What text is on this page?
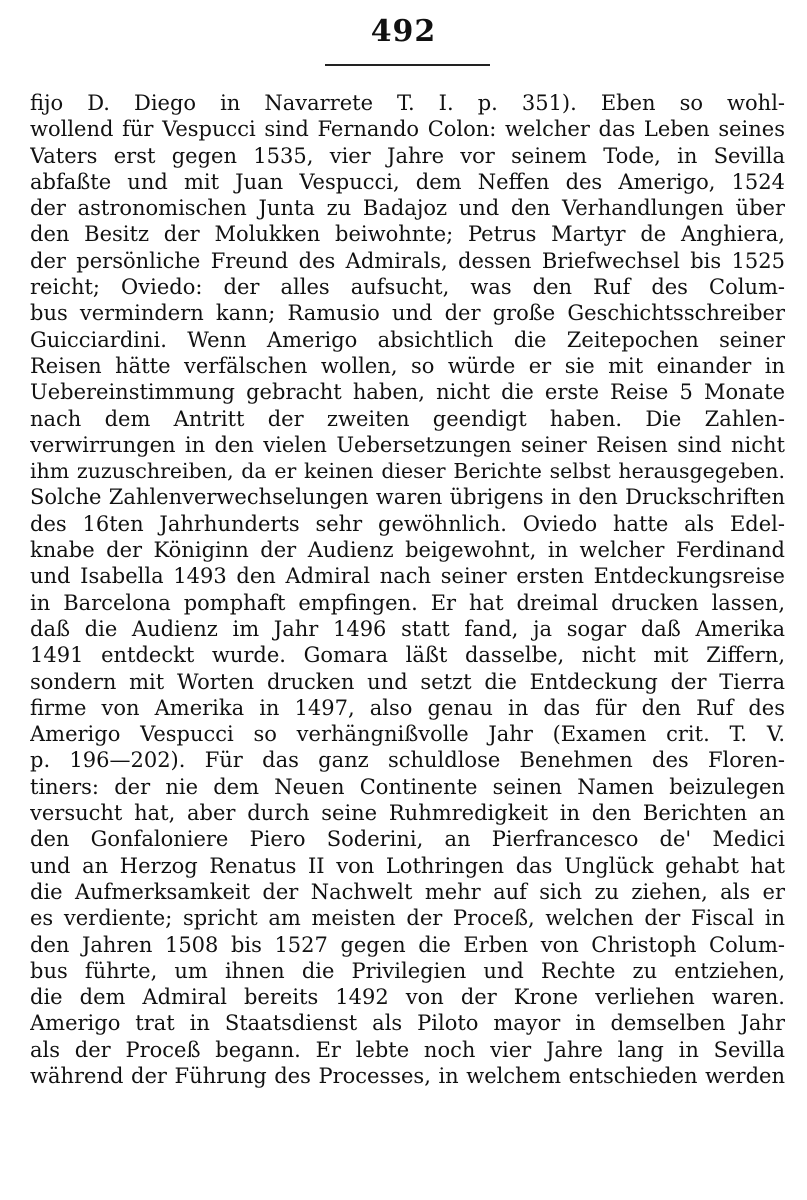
492
fijo D. Diego in Navarrete T. I. p. 351). Eben so wohl-
wollend für Vespucci sind Fernando Colon: welcher das Leben seines
Vaters erst gegen 1535, vier Jahre vor seinem Tode, in Sevilla
abfaßte und mit Juan Vespucci, dem Neffen des Amerigo, 1524
der astronomischen Junta zu Badajoz und den Verhandlungen über
den Besitz der Molukken beiwohnte; Petrus Martyr de Anghiera,
der persönliche Freund des Admirals, dessen Briefwechsel bis 1525
reicht; Oviedo: der alles aufsucht, was den Ruf des Colum-
bus vermindern kann; Ramusio und der große Geschichtsschreiber
Guicciardini. Wenn Amerigo absichtlich die Zeitepochen seiner
Reisen hätte verfälschen wollen, so würde er sie mit einander in
Uebereinstimmung gebracht haben, nicht die erste Reise 5 Monate
nach dem Antritt der zweiten geendigt haben. Die Zahlen-
verwirrungen in den vielen Uebersetzungen seiner Reisen sind nicht
ihm zuzuschreiben, da er keinen dieser Berichte selbst herausgegeben.
Solche Zahlenverwechselungen waren übrigens in den Druckschriften
des 16ten Jahrhunderts sehr gewöhnlich. Oviedo hatte als Edel-
knabe der Königinn der Audienz beigewohnt, in welcher Ferdinand
und Isabella 1493 den Admiral nach seiner ersten Entdeckungsreise
in Barcelona pomphaft empfingen. Er hat dreimal drucken lassen,
daß die Audienz im Jahr 1496 statt fand, ja sogar daß Amerika
1491 entdeckt wurde. Gomara läßt dasselbe, nicht mit Ziffern,
sondern mit Worten drucken und setzt die Entdeckung der Tierra
firme von Amerika in 1497, also genau in das für den Ruf des
Amerigo Vespucci so verhängnißvolle Jahr (Examen crit. T. V.
p. 196—202). Für das ganz schuldlose Benehmen des Floren-
tiners: der nie dem Neuen Continente seinen Namen beizulegen
versucht hat, aber durch seine Ruhmredigkeit in den Berichten an
den Gonfaloniere Piero Soderini, an Pierfrancesco de' Medici
und an Herzog Renatus II von Lothringen das Unglück gehabt hat
die Aufmerksamkeit der Nachwelt mehr auf sich zu ziehen, als er
es verdiente; spricht am meisten der Proceß, welchen der Fiscal in
den Jahren 1508 bis 1527 gegen die Erben von Christoph Colum-
bus führte, um ihnen die Privilegien und Rechte zu entziehen,
die dem Admiral bereits 1492 von der Krone verliehen waren.
Amerigo trat in Staatsdienst als Piloto mayor in demselben Jahr
als der Proceß begann. Er lebte noch vier Jahre lang in Sevilla
während der Führung des Processes, in welchem entschieden werden
